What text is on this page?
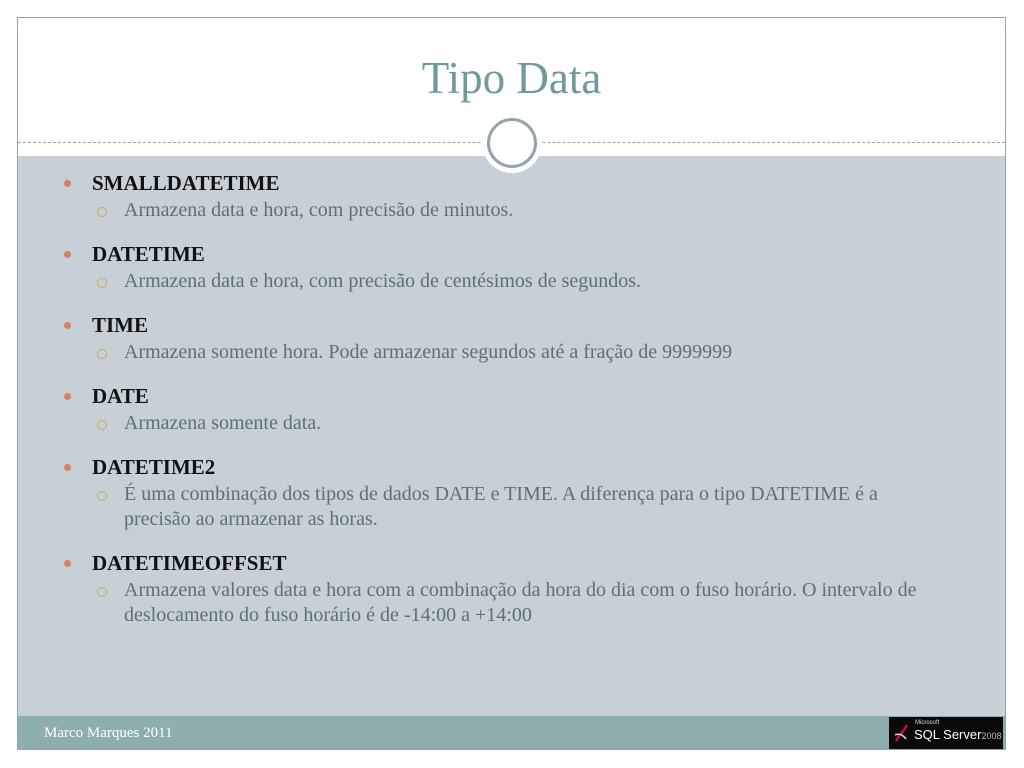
Tipo Data
SMALLDATETIME
Armazena data e hora, com precisão de minutos.
DATETIME
Armazena data e hora, com precisão de centésimos de segundos.
TIME
Armazena somente hora. Pode armazenar segundos até a fração de 9999999
DATE
Armazena somente data.
DATETIME2
É uma combinação dos tipos de dados DATE e TIME. A diferença para o tipo DATETIME é a precisão ao armazenar as horas.
DATETIMEOFFSET
Armazena valores data e hora com a combinação da hora do dia com o fuso horário. O intervalo de deslocamento do fuso horário é de -14:00 a +14:00
Marco Marques 2011
Microsoft
SQL Server2008
